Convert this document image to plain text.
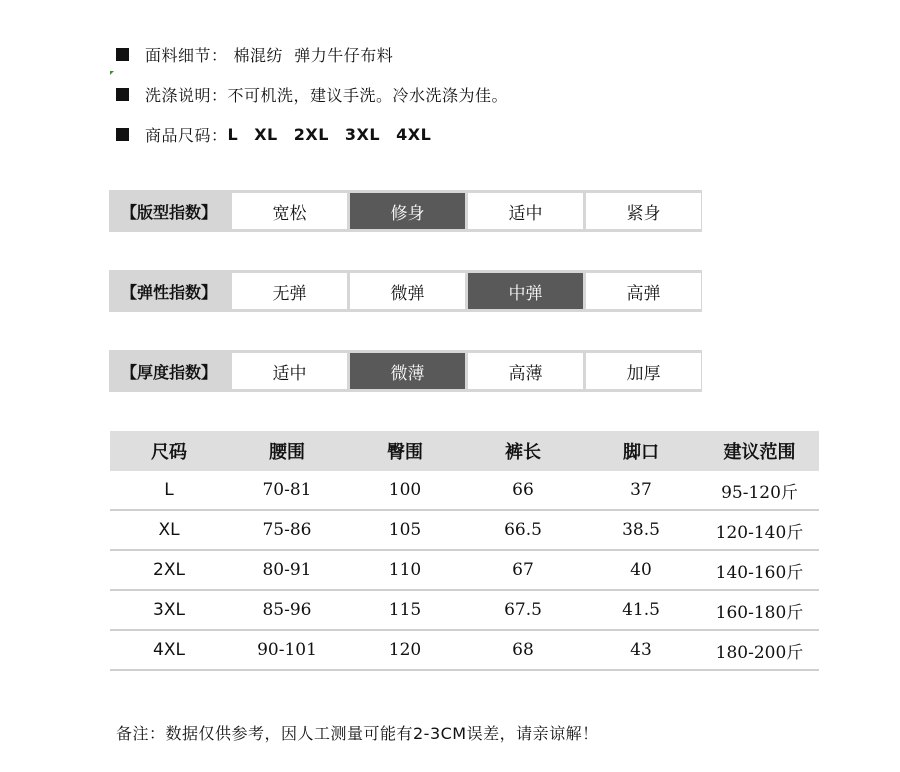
面料细节： 棉混纺  弹力牛仔布料
洗涤说明： 不可机洗，建议手洗。冷水洗涤为佳。
商品尺码： L XL 2XL 3XL 4XL
【版型指数】	宽松	修身	适中	紧身
【弹性指数】	无弹	微弹	中弹	高弹
【厚度指数】	适中	微薄	高薄	加厚
尺码	腰围	臀围	裤长	脚口	建议范围
L	70-81	100	66	37	95-120斤
XL	75-86	105	66.5	38.5	120-140斤
2XL	80-91	110	67	40	140-160斤
3XL	85-96	115	67.5	41.5	160-180斤
4XL	90-101	120	68	43	180-200斤
备注：数据仅供参考，因人工测量可能有2-3CM误差，请亲谅解！
